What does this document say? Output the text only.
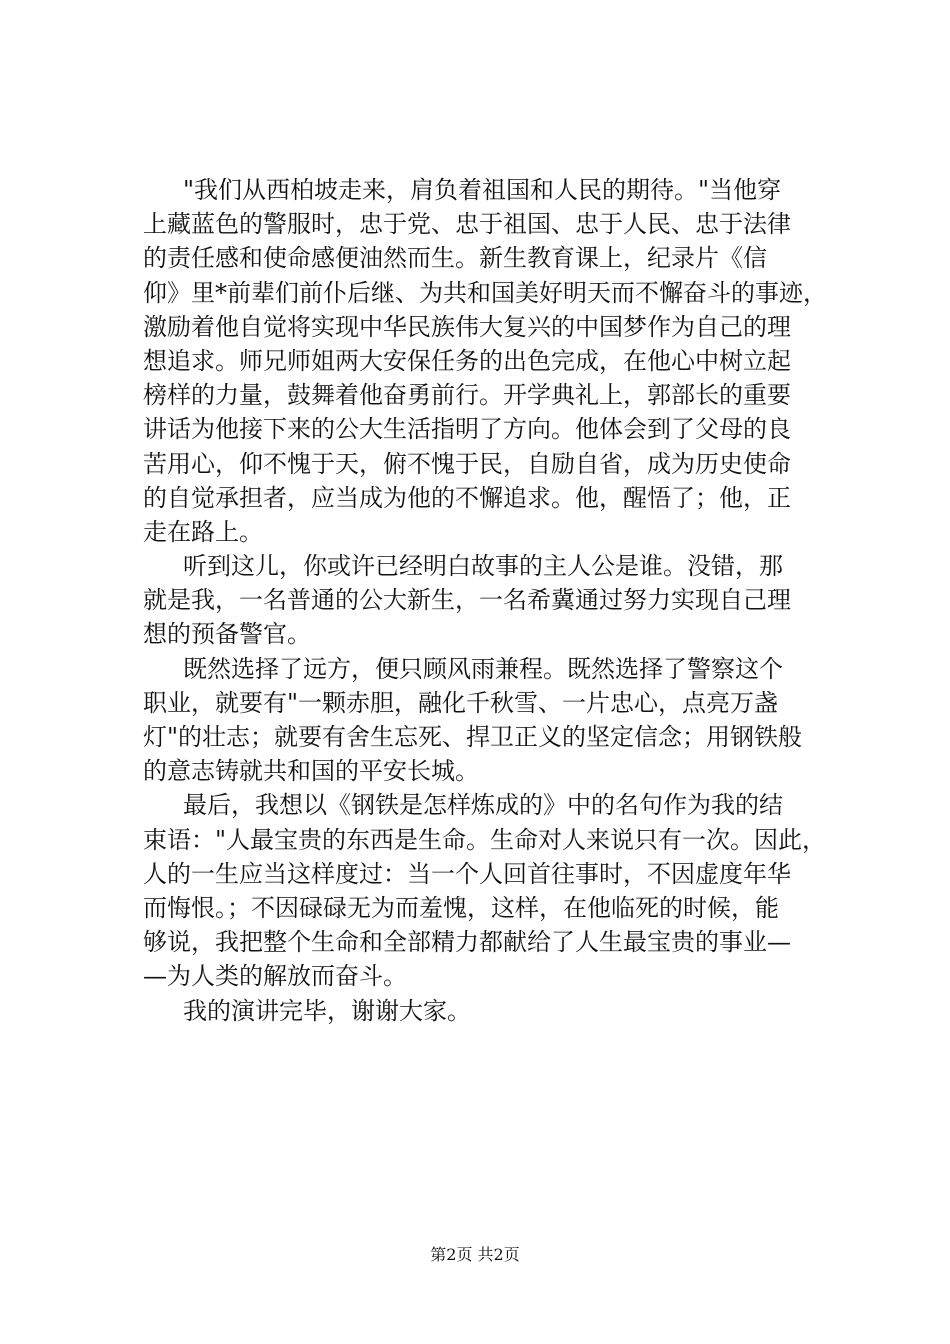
"我们从西柏坡走来，肩负着祖国和人民的期待。"当他穿
上藏蓝色的警服时，忠于党、忠于祖国、忠于人民、忠于法律
的责任感和使命感便油然而生。新生教育课上，纪录片《信
仰》里*前辈们前仆后继、为共和国美好明天而不懈奋斗的事迹，
激励着他自觉将实现中华民族伟大复兴的中国梦作为自己的理
想追求。师兄师姐两大安保任务的出色完成，在他心中树立起
榜样的力量，鼓舞着他奋勇前行。开学典礼上，郭部长的重要
讲话为他接下来的公大生活指明了方向。他体会到了父母的良
苦用心，仰不愧于天，俯不愧于民，自励自省，成为历史使命
的自觉承担者，应当成为他的不懈追求。他，醒悟了；他，正
走在路上。
听到这儿，你或许已经明白故事的主人公是谁。没错，那
就是我，一名普通的公大新生，一名希冀通过努力实现自己理
想的预备警官。
既然选择了远方，便只顾风雨兼程。既然选择了警察这个
职业，就要有"一颗赤胆，融化千秋雪、一片忠心，点亮万盏
灯"的壮志；就要有舍生忘死、捍卫正义的坚定信念；用钢铁般
的意志铸就共和国的平安长城。
最后，我想以《钢铁是怎样炼成的》中的名句作为我的结
束语："人最宝贵的东西是生命。生命对人来说只有一次。因此，
人的一生应当这样度过：当一个人回首往事时，不因虚度年华
而悔恨。；不因碌碌无为而羞愧，这样，在他临死的时候，能
够说，我把整个生命和全部精力都献给了人生最宝贵的事业—
—为人类的解放而奋斗。
我的演讲完毕，谢谢大家。
第2页 共2页
